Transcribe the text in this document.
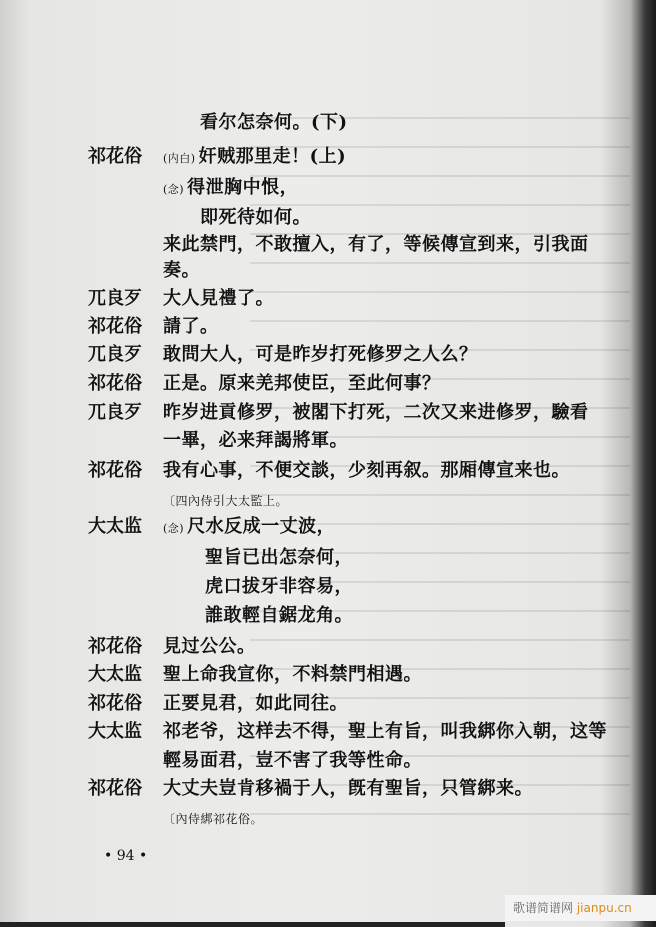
看尔怎奈何。(下)
祁花俗 (内白) 奸贼那里走！(上)
(念) 得泄胸中恨，
即死待如何。
来此禁門，不敢擅入，有了，等候傳宣到来，引我面
奏。
兀良歹 大人見禮了。
祁花俗 請了。
兀良歹 敢問大人，可是昨岁打死修罗之人么？
祁花俗 正是。原来羌邦使臣，至此何事？
兀良歹 昨岁进貢修罗，被閣下打死，二次又来进修罗，驗看
一畢，必来拜謁將軍。
祁花俗 我有心事，不便交談，少刻再叙。那厢傳宣来也。
〔四內侍引大太監上。
大太监 (念) 尺水反成一丈波，
聖旨已出怎奈何，
虎口拔牙非容易，
誰敢輕自鋸龙角。
祁花俗 見过公公。
大太监 聖上命我宣你，不料禁門相遇。
祁花俗 正要見君，如此同往。
大太监 祁老爷，这样去不得，聖上有旨，叫我綁你入朝，这等
輕易面君，豈不害了我等性命。
祁花俗 大丈夫豈肯移禍于人，旣有聖旨，只管綁来。
〔內侍綁祁花俗。
• 94 •
歌谱简谱网 jianpu.cn
